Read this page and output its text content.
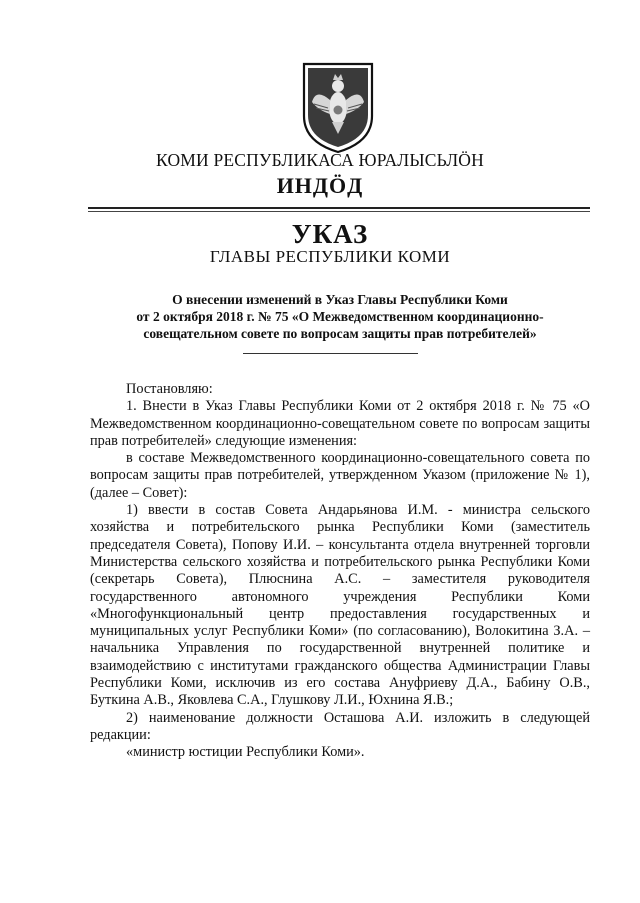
КОМИ РЕСПУБЛИКАСА ЮРАЛЫСЬЛÖН
ИНДÖД
УКАЗ
ГЛАВЫ РЕСПУБЛИКИ КОМИ
О внесении изменений в Указ Главы Республики Коми
от 2 октября 2018 г. № 75 «О Межведомственном координационно-
совещательном совете по вопросам защиты прав потребителей»

Постановляю:

1. Внести в Указ Главы Республики Коми от 2 октября 2018 г. № 75 «О Межведомственном координационно-совещательном совете по вопросам защиты прав потребителей» следующие изменения:

в составе Межведомственного координационно-совещательного совета по вопросам защиты прав потребителей, утвержденном Указом (приложение № 1), (далее – Совет):

1) ввести в состав Совета Андарьянова И.М. - министра сельского хозяйства и потребительского рынка Республики Коми (заместитель председателя Совета), Попову И.И. – консультанта отдела внутренней торговли Министерства сельского хозяйства и потребительского рынка Республики Коми (секретарь Совета), Плюснина А.С. – заместителя руководителя государственного автономного учреждения Республики Коми «Многофункциональный центр предоставления государственных и муниципальных услуг Республики Коми» (по согласованию), Волокитина З.А. – начальника Управления по государственной внутренней политике и взаимодействию с институтами гражданского общества Администрации Главы Республики Коми, исключив из его состава Ануфриеву Д.А., Бабину О.В., Буткина А.В., Яковлева С.А., Глушкову Л.И., Юхнина Я.В.;

2) наименование должности Осташова А.И. изложить в следующей редакции:

«министр юстиции Республики Коми».
